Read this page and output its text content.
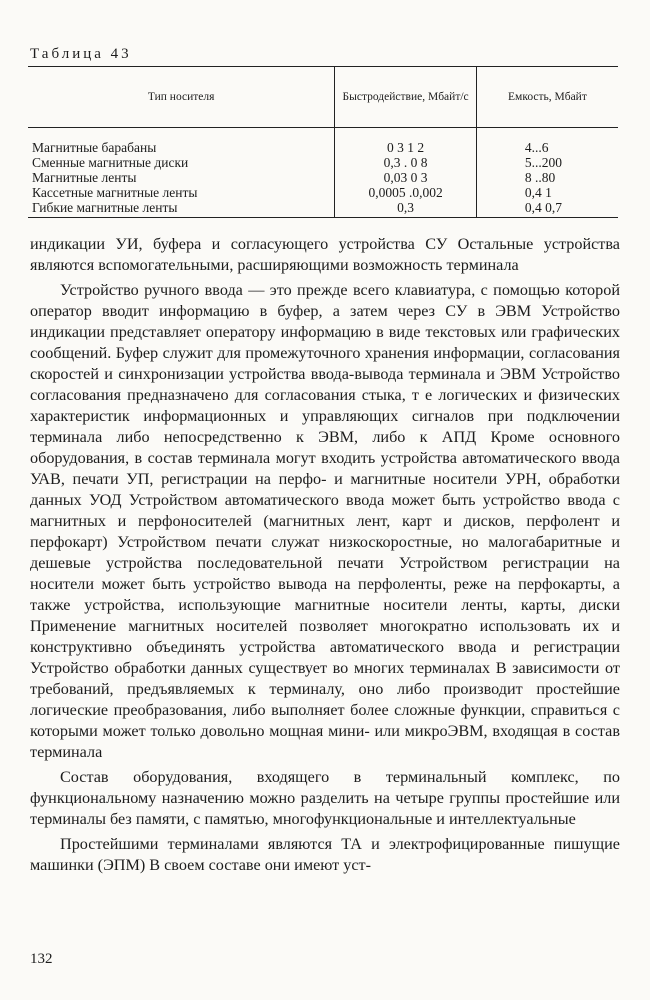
Таблица 43
Тип носителя	Быстродействие, Мбайт/с	Емкость, Мбайт
Магнитные барабаны	0 3 1 2	4...6
Сменные магнитные диски	0,3 . 0 8	5...200
Магнитные ленты	0,03 0 3	8 ..80
Кассетные магнитные ленты	0,0005 .0,002	0,4 1
Гибкие магнитные ленты	0,3	0,4 0,7

индикации УИ, буфера и согласующего устройства СУ Остальные устройства являются вспомогательными, расширяющими возможность терминала

Устройство ручного ввода — это прежде всего клавиатура, с помощью которой оператор вводит информацию в буфер, а затем через СУ в ЭВМ Устройство индикации представляет оператору информацию в виде текстовых или графических сообщений. Буфер служит для промежуточного хранения информации, согласования скоростей и синхронизации устройства ввода-вывода терминала и ЭВМ Устройство согласования предназначено для согласования стыка, т е логических и физических характеристик информационных и управляющих сигналов при подключении терминала либо непосредственно к ЭВМ, либо к АПД Кроме основного оборудования, в состав терминала могут входить устройства автоматического ввода УАВ, печати УП, регистрации на перфо- и магнитные носители УРН, обработки данных УОД Устройством автоматического ввода может быть устройство ввода с магнитных и перфоносителей (магнитных лент, карт и дисков, перфолент и перфокарт) Устройством печати служат низкоскоростные, но малогабаритные и дешевые устройства последовательной печати Устройством регистрации на носители может быть устройство вывода на перфоленты, реже на перфокарты, а также устройства, использующие магнитные носители ленты, карты, диски Применение магнитных носителей позволяет многократно использовать их и конструктивно объединять устройства автоматического ввода и регистрации Устройство обработки данных существует во многих терминалах В зависимости от требований, предъявляемых к терминалу, оно либо производит простейшие логические преобразования, либо выполняет более сложные функции, справиться с которыми может только довольно мощная мини- или микроЭВМ, входящая в состав терминала

Состав оборудования, входящего в терминальный комплекс, по функциональному назначению можно разделить на четыре группы простейшие или терминалы без памяти, с памятью, многофункциональные и интеллектуальные

Простейшими терминалами являются ТА и электрофицированные пишущие машинки (ЭПМ) В своем составе они имеют уст-

132
